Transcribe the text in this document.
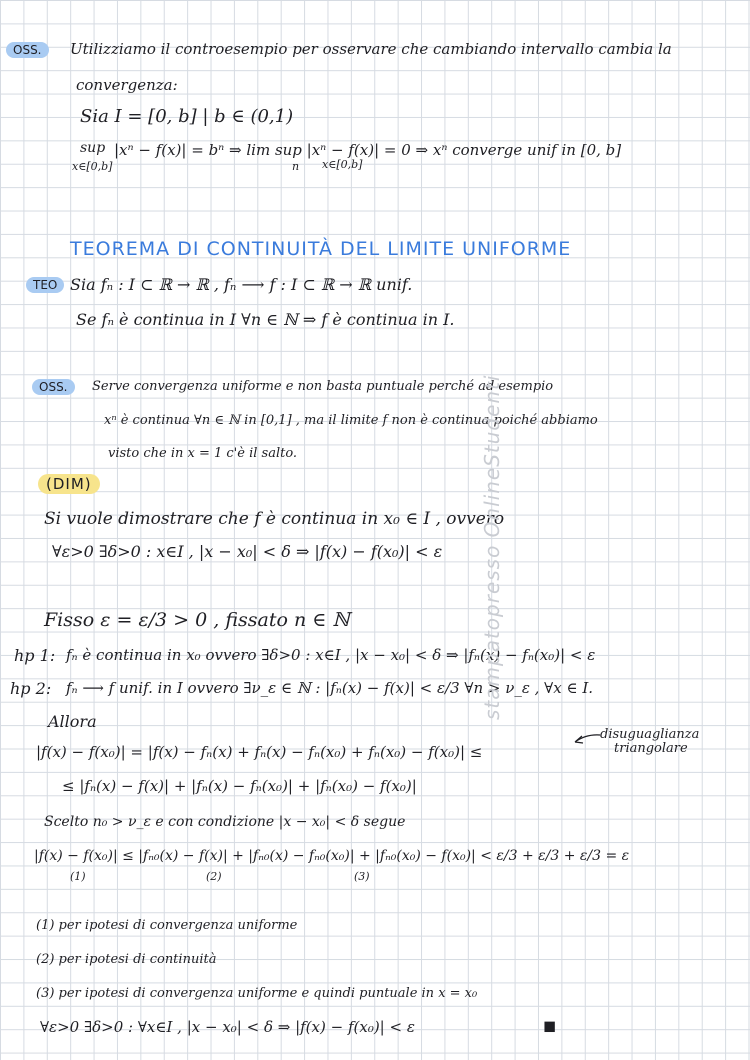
OSS.	Utilizziamo il controesempio per osservare che cambiando intervallo cambia la
convergenza:
Sia I = [0, b] | b ∈ (0,1)
sup |xⁿ − f(x)| = bⁿ ⇒ lim sup |xⁿ − f(x)| = 0 ⇒ xⁿ converge unif in [0, b]
x∈[0,b]	n x∈[0,b]
TEOREMA DI CONTINUITÀ DEL LIMITE UNIFORME
TEO Sia fₙ : I ⊂ ℝ → ℝ , fₙ ⟶ f : I ⊂ ℝ → ℝ unif.
Se fₙ è continua in I ∀n ∈ ℕ ⇒ f è continua in I.
OSS.	Serve convergenza uniforme e non basta puntuale perché ad esempio
xⁿ è continua ∀n ∈ ℕ in [0,1] , ma il limite f non è continua poiché abbiamo
visto che in x = 1 c'è il salto.
(DIM)
Si vuole dimostrare che f è continua in x₀ ∈ I , ovvero
∀ε>0 ∃δ>0 : x∈I , |x − x₀| < δ ⇒ |f(x) − f(x₀)| < ε
Fisso ε = ε/3 > 0 , fissato n ∈ ℕ
hp 1: fₙ è continua in x₀ ovvero ∃δ>0 : x∈I , |x − x₀| < δ ⇒ |fₙ(x) − fₙ(x₀)| < ε
hp 2: fₙ ⟶ f unif. in I ovvero ∃ν_ε ∈ ℕ : |fₙ(x) − f(x)| < ε/3 ∀n > ν_ε , ∀x ∈ I.
Allora
|f(x) − f(x₀)| = |f(x) − fₙ(x) + fₙ(x) − fₙ(x₀) + fₙ(x₀) − f(x₀)| ≤
disuguaglianza
triangolare
≤ |fₙ(x) − f(x)| + |fₙ(x) − fₙ(x₀)| + |fₙ(x₀) − f(x₀)|
Scelto n₀ > ν_ε e con condizione |x − x₀| < δ segue
|f(x) − f(x₀)| ≤ |fₙ₀(x) − f(x)| + |fₙ₀(x) − fₙ₀(x₀)| + |fₙ₀(x₀) − f(x₀)| < ε/3 + ε/3 + ε/3 = ε
(1)	(2)	(3)
(1) per ipotesi di convergenza uniforme
(2) per ipotesi di continuità
(3) per ipotesi di convergenza uniforme e quindi puntuale in x = x₀
∀ε>0 ∃δ>0 : ∀x∈I , |x − x₀| < δ ⇒ |f(x) − f(x₀)| < ε	◼
stampatopresso OnlineStudenti
